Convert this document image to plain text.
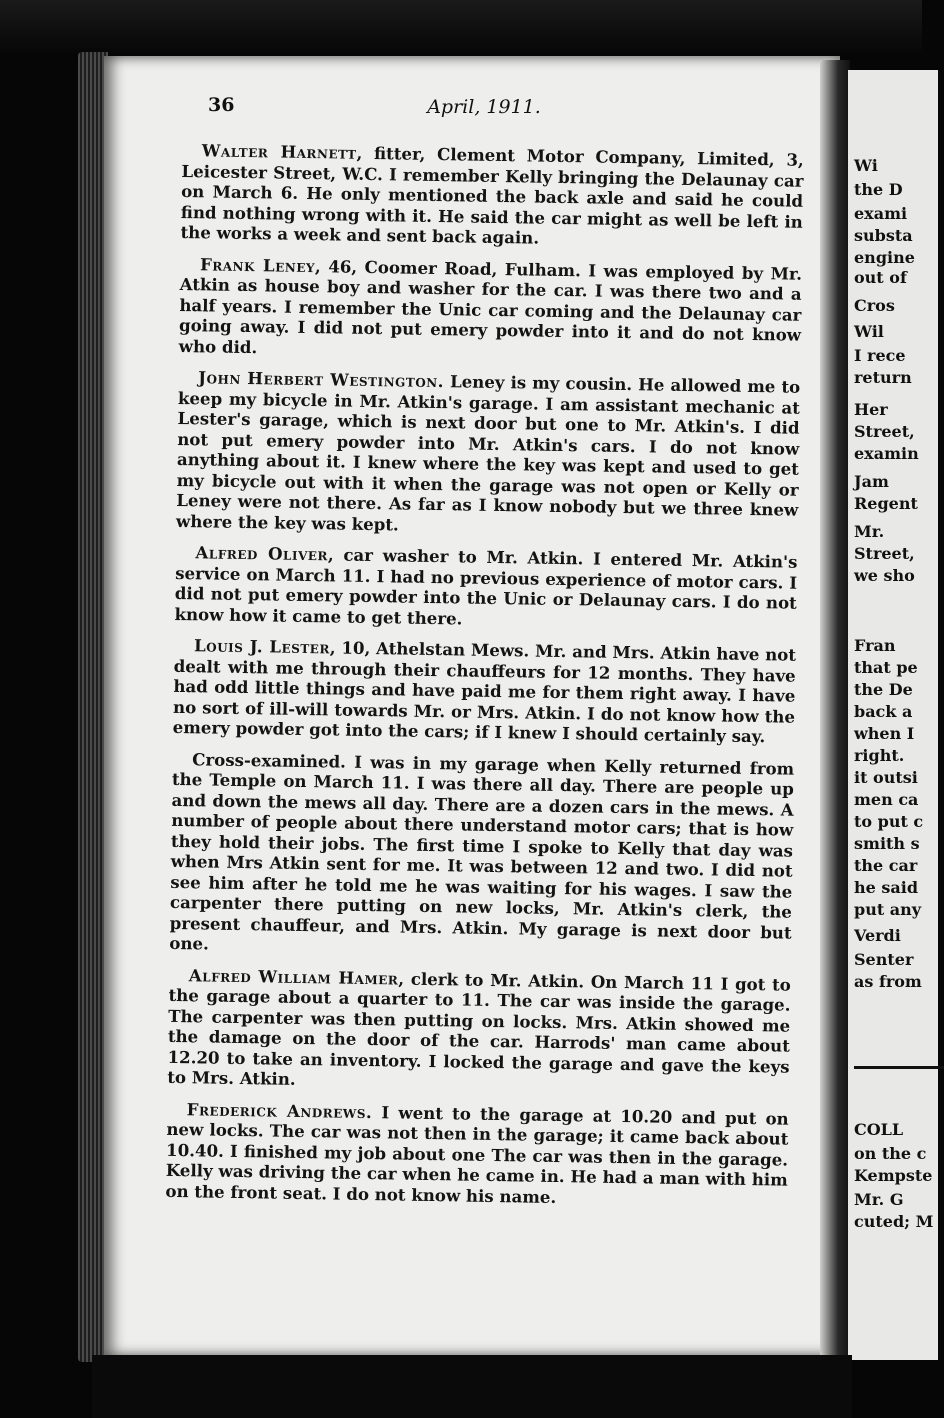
36	April, 1911.

Walter Harnett, fitter, Clement Motor Company, Limited, 3, Leicester Street, W.C. I remember Kelly bringing the Delaunay car on March 6. He only mentioned the back axle and said he could find nothing wrong with it. He said the car might as well be left in the works a week and sent back again.

Frank Leney, 46, Coomer Road, Fulham. I was employed by Mr. Atkin as house boy and washer for the car. I was there two and a half years. I remember the Unic car coming and the Delaunay car going away. I did not put emery powder into it and do not know who did.

John Herbert Westington. Leney is my cousin. He allowed me to keep my bicycle in Mr. Atkin's garage. I am assistant mechanic at Lester's garage, which is next door but one to Mr. Atkin's. I did not put emery powder into Mr. Atkin's cars. I do not know anything about it. I knew where the key was kept and used to get my bicycle out with it when the garage was not open or Kelly or Leney were not there. As far as I know nobody but we three knew where the key was kept.

Alfred Oliver, car washer to Mr. Atkin. I entered Mr. Atkin's service on March 11. I had no previous experience of motor cars. I did not put emery powder into the Unic or Delaunay cars. I do not know how it came to get there.

Louis J. Lester, 10, Athelstan Mews. Mr. and Mrs. Atkin have not dealt with me through their chauffeurs for 12 months. They have had odd little things and have paid me for them right away. I have no sort of ill-will towards Mr. or Mrs. Atkin. I do not know how the emery powder got into the cars; if I knew I should certainly say.

Cross-examined. I was in my garage when Kelly returned from the Temple on March 11. I was there all day. There are people up and down the mews all day. There are a dozen cars in the mews. A number of people about there understand motor cars; that is how they hold their jobs. The first time I spoke to Kelly that day was when Mrs Atkin sent for me. It was between 12 and two. I did not see him after he told me he was waiting for his wages. I saw the carpenter there putting on new locks, Mr. Atkin's clerk, the present chauffeur, and Mrs. Atkin. My garage is next door but one.

Alfred William Hamer, clerk to Mr. Atkin. On March 11 I got to the garage about a quarter to 11. The car was inside the garage. The carpenter was then putting on locks. Mrs. Atkin showed me the damage on the door of the car. Harrods' man came about 12.20 to take an inventory. I locked the garage and gave the keys to Mrs. Atkin.

Frederick Andrews. I went to the garage at 10.20 and put on new locks. The car was not then in the garage; it came back about 10.40. I finished my job about one The car was then in the garage. Kelly was driving the car when he came in. He had a man with him on the front seat. I do not know his name.

Wi
the D
exami
substa
engine
out of
Cros
Wil
I rece
return
Her
Street,
examin
Jam
Regent
Mr.
Street,
we sho
Fran
that pe
the De
back a
when I
right.
it outsi
men ca
to put c
smith s
the car
he said
put any
Verdi
Senter
as from
COLL
on the c
Kempste
Mr. G
cuted; M
